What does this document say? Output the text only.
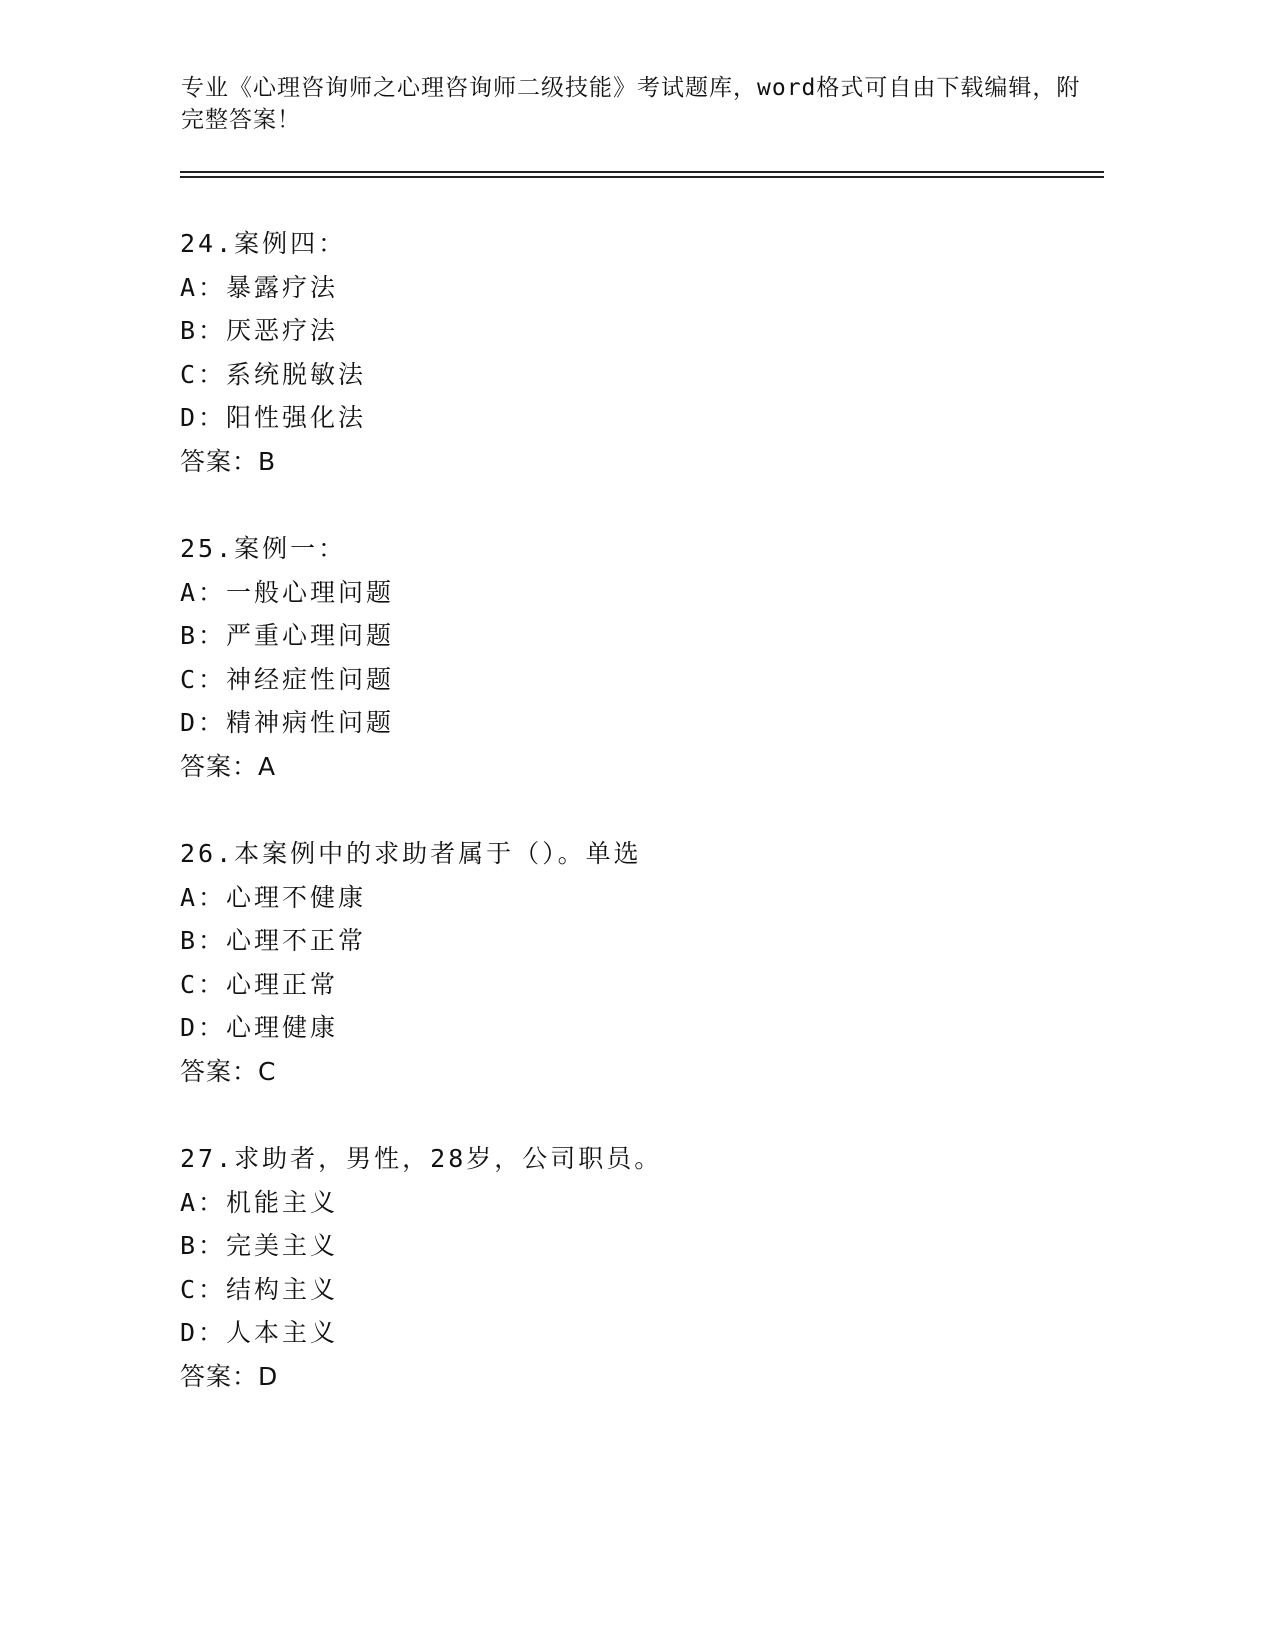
专业《心理咨询师之心理咨询师二级技能》考试题库，word格式可自由下载编辑，附完整答案！
24.案例四：
A：暴露疗法
B：厌恶疗法
C：系统脱敏法
D：阳性强化法
答案：B
25.案例一：
A：一般心理问题
B：严重心理问题
C：神经症性问题
D：精神病性问题
答案：A
26.本案例中的求助者属于（）。单选
A：心理不健康
B：心理不正常
C：心理正常
D：心理健康
答案：C
27.求助者，男性，28岁，公司职员。
A：机能主义
B：完美主义
C：结构主义
D：人本主义
答案：D
